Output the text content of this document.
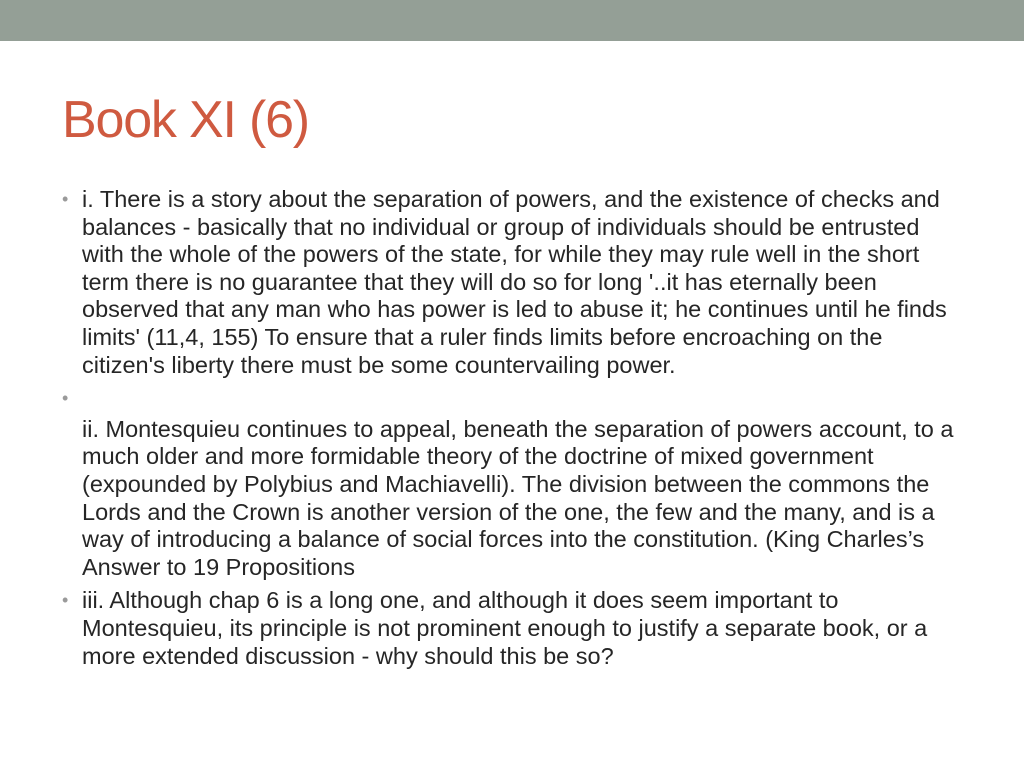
Book XI (6)
• i. There is a story about the separation of powers, and the existence of checks and balances - basically that no individual or group of individuals should be entrusted with the whole of the powers of the state, for while they may rule well in the short term there is no guarantee that they will do so for long '..it has eternally been observed that any man who has power is led to abuse it; he continues until he finds limits' (11,4, 155) To ensure that a ruler finds limits before encroaching on the citizen's liberty there must be some countervailing power.
•
ii. Montesquieu continues to appeal, beneath the separation of powers account, to a much older and more formidable theory of the doctrine of mixed government (expounded by Polybius and Machiavelli). The division between the commons the Lords and the Crown is another version of the one, the few and the many, and is a way of introducing a balance of social forces into the constitution. (King Charles’s Answer to 19 Propositions
• iii. Although chap 6 is a long one, and although it does seem important to Montesquieu, its principle is not prominent enough to justify a separate book, or a more extended discussion - why should this be so?
